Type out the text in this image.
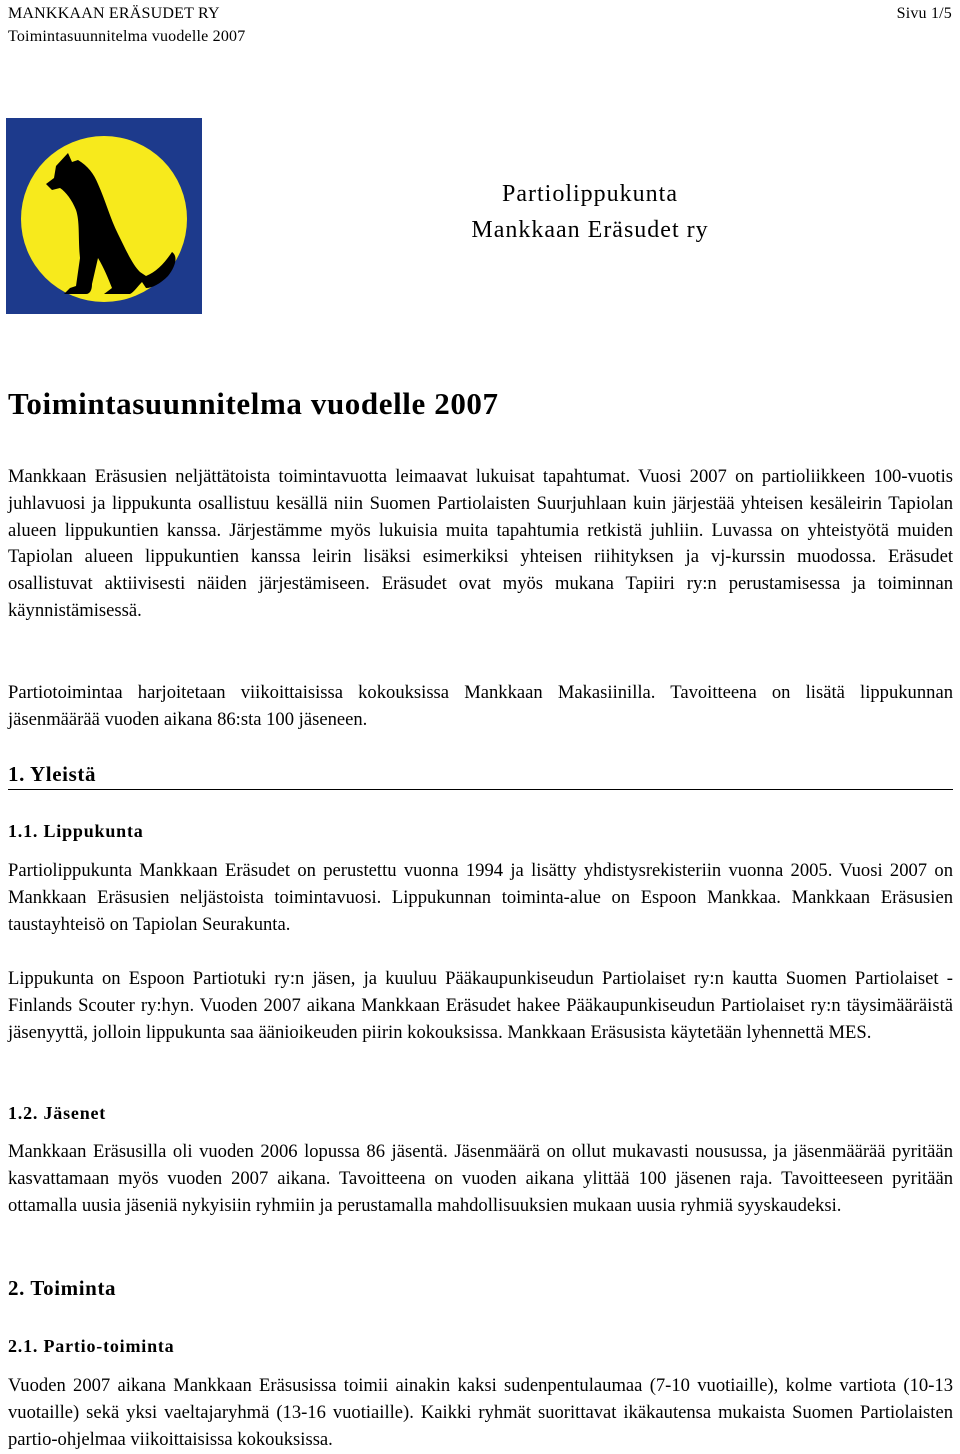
MANKKAAN ERÄSUDET RY
Toimintasuunnitelma vuodelle 2007
Sivu 1/5
Partiolippukunta
Mankkaan Eräsudet ry
Toimintasuunnitelma vuodelle 2007

Mankkaan Eräsusien neljättätoista toimintavuotta leimaavat lukuisat tapahtumat. Vuosi 2007 on partioliikkeen 100-vuotis juhlavuosi ja lippukunta osallistuu kesällä niin Suomen Partiolaisten Suurjuhlaan kuin järjestää yhteisen kesäleirin Tapiolan alueen lippukuntien kanssa. Järjestämme myös lukuisia muita tapahtumia retkistä juhliin. Luvassa on yhteistyötä muiden Tapiolan alueen lippukuntien kanssa leirin lisäksi esimerkiksi yhteisen riihityksen ja vj-kurssin muodossa. Eräsudet osallistuvat aktiivisesti näiden järjestämiseen. Eräsudet ovat myös mukana Tapiiri ry:n perustamisessa ja toiminnan käynnistämisessä.

Partiotoimintaa harjoitetaan viikoittaisissa kokouksissa Mankkaan Makasiinilla. Tavoitteena on lisätä lippukunnan jäsenmäärää vuoden aikana 86:sta 100 jäseneen.

1. Yleistä
1.1. Lippukunta

Partiolippukunta Mankkaan Eräsudet on perustettu vuonna 1994 ja lisätty yhdistysrekisteriin vuonna 2005. Vuosi 2007 on Mankkaan Eräsusien neljästoista toimintavuosi. Lippukunnan toiminta-alue on Espoon Mankkaa. Mankkaan Eräsusien taustayhteisö on Tapiolan Seurakunta.

Lippukunta on Espoon Partiotuki ry:n jäsen, ja kuuluu Pääkaupunkiseudun Partiolaiset ry:n kautta Suomen Partiolaiset - Finlands Scouter ry:hyn. Vuoden 2007 aikana Mankkaan Eräsudet hakee Pääkaupunkiseudun Partiolaiset ry:n täysimääräistä jäsenyyttä, jolloin lippukunta saa äänioikeuden piirin kokouksissa. Mankkaan Eräsusista käytetään lyhennettä MES.

1.2. Jäsenet

Mankkaan Eräsusilla oli vuoden 2006 lopussa 86 jäsentä. Jäsenmäärä on ollut mukavasti nousussa, ja jäsenmäärää pyritään kasvattamaan myös vuoden 2007 aikana. Tavoitteena on vuoden aikana ylittää 100 jäsenen raja. Tavoitteeseen pyritään ottamalla uusia jäseniä nykyisiin ryhmiin ja perustamalla mahdollisuuksien mukaan uusia ryhmiä syyskaudeksi.

2. Toiminta
2.1. Partio-toiminta

Vuoden 2007 aikana Mankkaan Eräsusissa toimii ainakin kaksi sudenpentulaumaa (7-10 vuotiaille), kolme vartiota (10-13 vuotaille) sekä yksi vaeltajaryhmä (13-16 vuotiaille). Kaikki ryhmät suorittavat ikäkautensa mukaista Suomen Partiolaisten partio-ohjelmaa viikoittaisissa kokouksissa.
